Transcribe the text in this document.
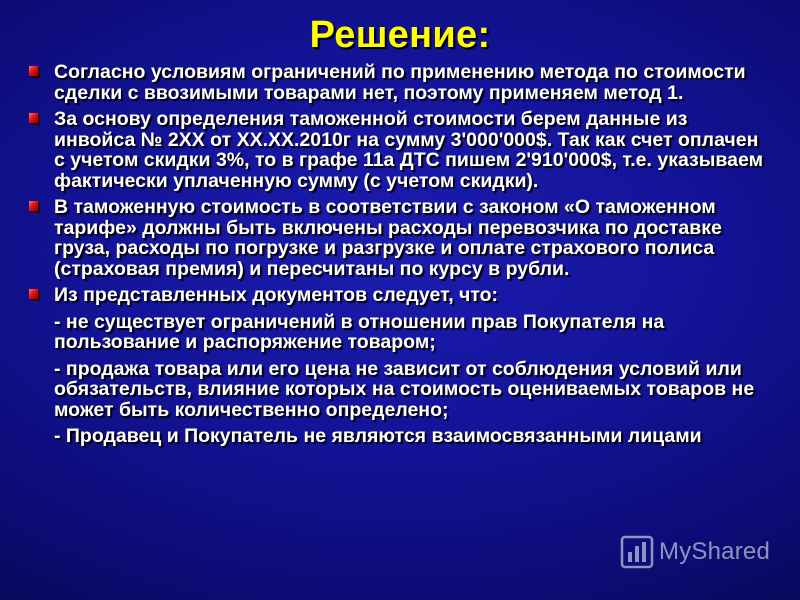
Решение:
Согласно условиям ограничений по применению метода по стоимости сделки с ввозимыми товарами нет, поэтому применяем метод 1.
За основу определения таможенной стоимости берем данные из инвойса № 2ХХ от ХХ.ХХ.2010г на сумму 3'000'000$. Так как счет оплачен с учетом скидки 3%, то в графе 11а ДТС пишем 2'910'000$, т.е. указываем фактически уплаченную сумму (с учетом скидки).
В таможенную стоимость в соответствии с законом «О таможенном тарифе» должны быть включены расходы перевозчика по доставке груза, расходы по погрузке и разгрузке и оплате страхового полиса (страховая премия) и пересчитаны по курсу в рубли.
Из представленных документов следует, что:
- не существует ограничений в отношении прав Покупателя на пользование и распоряжение товаром;
- продажа товара или его цена не зависит от соблюдения условий или обязательств, влияние которых на стоимость оцениваемых товаров не может быть количественно определено;
- Продавец и Покупатель не являются взаимосвязанными лицами
MyShared
